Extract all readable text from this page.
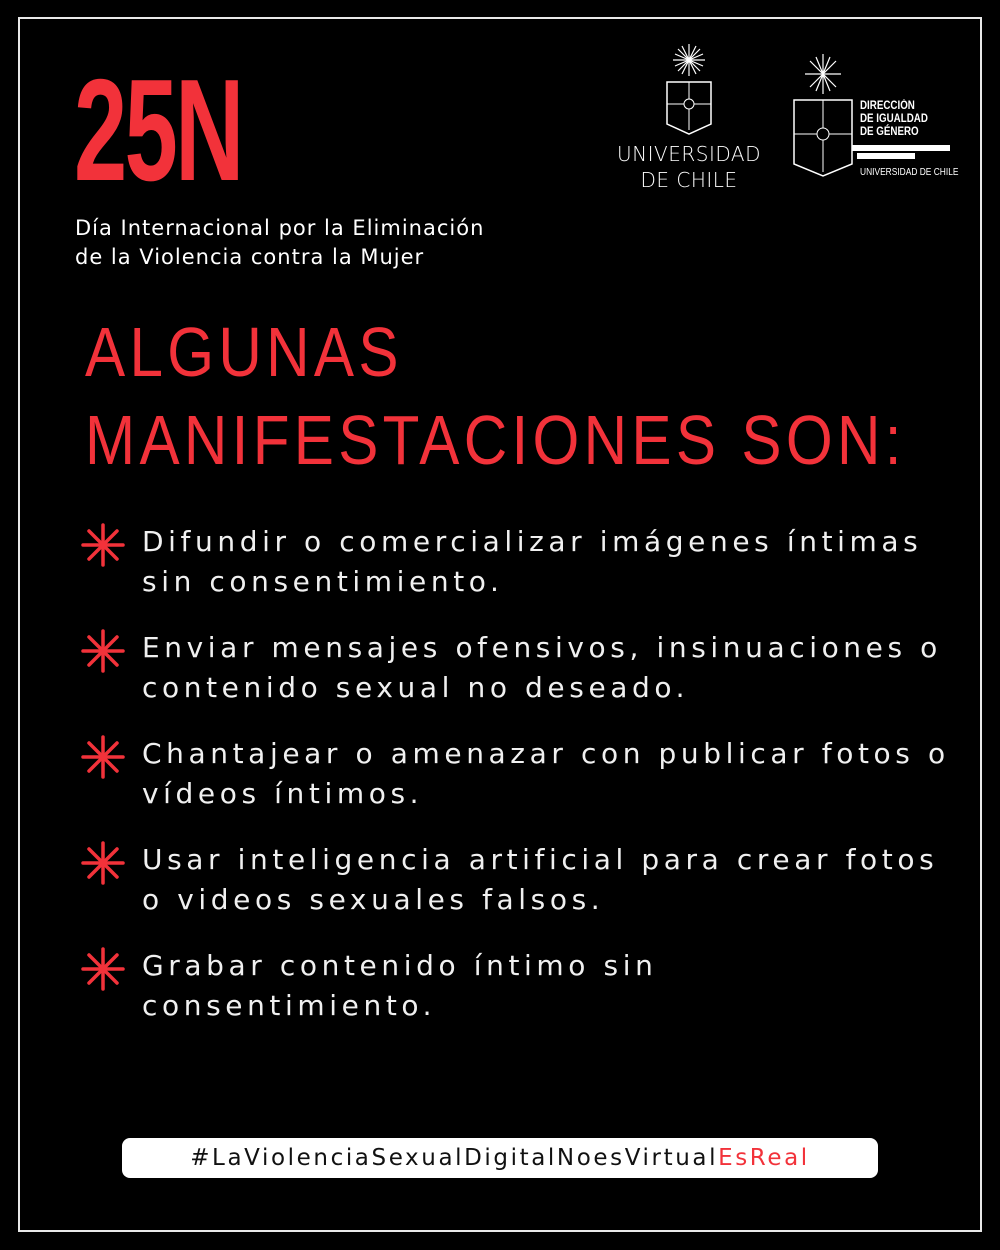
25N
Día Internacional por la Eliminación
de la Violencia contra la Mujer
UNIVERSIDAD
DE CHILE
DIRECCIÓN
DE IGUALDAD
DE GÉNERO
UNIVERSIDAD DE CHILE
ALGUNAS
MANIFESTACIONES SON:
Difundir o comercializar imágenes íntimas sin consentimiento.
Enviar mensajes ofensivos, insinuaciones o contenido sexual no deseado.
Chantajear o amenazar con publicar fotos o vídeos íntimos.
Usar inteligencia artificial para crear fotos o videos sexuales falsos.
Grabar contenido íntimo sin consentimiento.
#LaViolenciaSexualDigitalNoesVirtualEsReal
